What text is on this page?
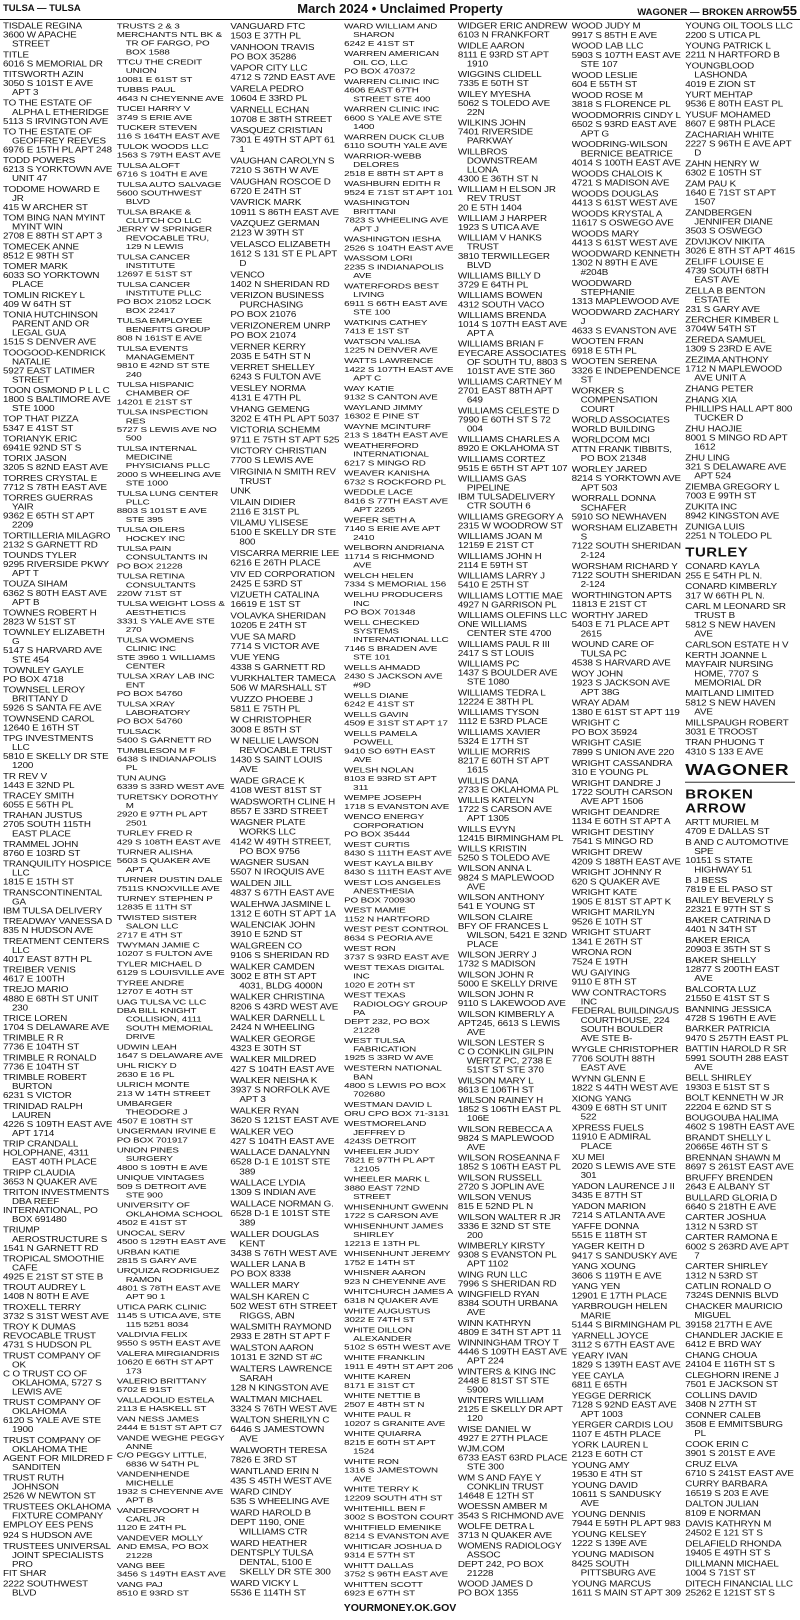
TULSA — TULSA	March 2024 • Unclaimed Property	WAGONER — BROKEN ARROW55
TISDALE REGINA
3600 W APACHE STREET
TITLE
6016 S MEMORIAL DR
TITSWORTH AZIN
3050 S 101ST E AVE APT 3
TO THE ESTATE OF ALPHA L ETHERIDGE
5113 S IRVINGTON AVE
TO THE ESTATE OF GEOFFREY REEVES
6976 E 15TH PL APT 248
TODD POWERS
6213 S YORKTOWN AVE UNIT 47
TODOME HOWARD E JR
415 W ARCHER ST
TOM BING NAN MYINT MYINT WIN
2708 E 88TH ST APT 3
TOMECEK ANNE
8512 E 98TH ST
TOMER MARK
6033 SO YORKTOWN PLACE
TOMLIN RICKEY L
409 W 64TH ST
TONIA HUTCHINSON PARENT AND OR LEGAL GUA
1515 S DENVER AVE
TOOGOOD-KENDRICK NATALIE
5927 EAST LATIMER STREET
TOON OSMOND P L L C
1800 S BALTIMORE AVE STE 1000
TOP THAT PIZZA
5347 E 41ST ST
TORIANYK ERIC
6941E 92ND ST S
TORIX JASON
3205 S 82ND EAST AVE
TORRES CRYSTAL E
7712 S 78TH EAST AVE
TORRES GUERRAS YAIR
9362 E 65TH ST APT 2209
TORTILLERIA MILAGRO
2132 S GARNETT RD
TOUNDS TYLER
9295 RIVERSIDE PKWY APT T
TOUZA SIHAM
6362 S 80TH EAST AVE APT B
TOWNES ROBERT H
2823 W 51ST ST
TOWNLEY ELIZABETH G
5147 S HARVARD AVE STE 454
TOWNLEY GAYLE
PO BOX 4718
TOWNSEL LEROY BRITTANY D
5926 S SANTA FE AVE
TOWNSEND CAROL
12640 E 16TH ST
TPG INVESTMENTS LLC
5810 E SKELLY DR STE 1200
TR REV V
1443 E 32ND PL
TRACEY SMITH
6055 E 56TH PL
TRAHAN JUSTUS
2705 SOUTH 115TH EAST PLACE
TRAMMEL JOHN
8760 E 103RD ST
TRANQUILITY HOSPICE LLC
1815 E 15TH ST
TRANSCONTINENTAL GA
IBM TULSA DELIVERY
TREADWAY VANESSA D
835 N HUDSON AVE
TREATMENT CENTERS LLC
4017 EAST 87TH PL
TREIBER VENIS
4617 E 100TH
TREJO MARIO
4880 E 68TH ST UNIT 230
TRICE LOREN
1704 S DELAWARE AVE
TRIMBLE R R
7736 E 104TH ST
TRIMBLE R RONALD
7736 E 104TH ST
TRIMBLE ROBERT BURTON
6231 S VICTOR
TRINIDAD RALPH LAUREN
4226 S 109TH EAST AVE APT 1714
TRIP CRANDALL
HOLOPHANE, 4311 EAST 40TH PLACE
TRIPP CLAUDIA
3653 N QUAKER AVE
TRITON INVESTMENTS DBA REEF
INTERNATIONAL, PO BOX 691480
TRIUMP AEROSTRUCTURE S
1541 N GARNETT RD
TROPICAL SMOOTHIE CAFE
4925 E 21ST ST STE B
TROUT AUDREY L
1408 N 80TH E AVE
TROXELL TERRY
3732 S 31ST WEST AVE
TROY K DUMAS
REVOCABLE TRUST
4731 S HUDSON PL
TRUST COMPANY OF OK
C O TRUST CO OF OKLAHOMA, 5727 S LEWIS AVE
TRUST COMPANY OF OKLAHOMA
6120 S YALE AVE STE 1900
TRUST COMPANY OF OKLAHOMA THE
AGENT FOR MILDRED F SANDITEN
TRUST RUTH JOHNSON
2526 W NEWTON ST
TRUSTEES OKLAHOMA FIXTURE COMPANY
EMPLOY EES PENS
924 S HUDSON AVE
TRUSTEES UNIVERSAL JOINT SPECIALISTS PRO
FIT SHAR
2222 SOUTHWEST BLVD
TRUSTS 2 & 3
MERCHANTS NTL BK & TR OF FARGO, PO BOX 1588
TTCU THE CREDIT UNION
10081 E 61ST ST
TUBBS PAUL
4643 N CHEYENNE AVE
TUCEI HARRY V
3749 S ERIE AVE
TUCKER STEVEN
116 S 164TH EAST AVE
TULOK WOODS LLC
1563 S 79TH EAST AVE
TULSA ALOFT
6716 S 104TH E AVE
TULSA AUTO SALVAGE
5600 SOUTHWEST BLVD
TULSA BRAKE & CLUTCH CO LLC
JERRY W SPRINGER REVOCABLE TRU, 129 N LEWIS
TULSA CANCER INSTITUTE
12697 E 51ST ST
TULSA CANCER INSTITUTE PLLC
PO BOX 21052 LOCK BOX 22417
TULSA EMPLOYEE BENEFITS GROUP
808 N 161ST E AVE
TULSA EVENTS MANAGEMENT
9810 E 42ND ST STE 240
TULSA HISPANIC CHAMBER OF
14201 E 21ST ST
TULSA INSPECTION RES
5727 S LEWIS AVE NO 500
TULSA INTERNAL MEDICINE PHYSICIANS PLLC
2000 S WHEELING AVE STE 1000
TULSA LUNG CENTER PLLC
8803 S 101ST E AVE STE 395
TULSA OILERS HOCKEY INC
TULSA PAIN CONSULTANTS IN
PO BOX 21228
TULSA RETINA CONSULTANTS
220W 71ST ST
TULSA WEIGHT LOSS & AESTHETICS
3331 S YALE AVE STE 270
TULSA WOMENS CLINIC INC
STE 3960 1 WILLIAMS CENTER
TULSA XRAY LAB INC ENT
PO BOX 54760
TULSA XRAY LABORATORY
PO BOX 54760
TULSACK
5400 S GARNETT RD
TUMBLESON M F
6438 S INDIANAPOLIS PL
TUN AUNG
6339 S 33RD WEST AVE
TURETSKY DOROTHY M
2920 E 97TH PL APT 2501
TURLEY FRED R
429 S 108TH EAST AVE
TURNER ALISHA
5603 S QUAKER AVE APT A
TURNER DUSTIN DALE
7511S KNOXVILLE AVE
TURNEY STEPHEN P
12835 E 11TH ST
TWISTED SISTER SALON LLC
2717 E 4TH ST
TWYMAN JAMIE C
10207 S FULTON AVE
TYLER MICHAEL D
6129 S LOUISVILLE AVE
TYREE ANDRE
12707 E 40TH ST
UAG TULSA VC LLC
DBA BILL KNIGHT COLLISION, 4111 SOUTH MEMORIAL DRIVE
UDWIN LEAH
1647 S DELAWARE AVE
UHL RICKY D
2630 E 16 PL
ULRICH MONTE
213 W 14TH STREET
UMBARGER THEODORE J
4507 E 108TH ST
UNGERMAN IRVINE E
PO BOX 701917
UNION PINES SURGERY
4800 S 109TH E AVE
UNIQUE VINTAGES
509 S DETROIT AVE STE 900
UNIVERSITY OF OKLAHOMA SCHOOL
4502 E 41ST ST
UNOCAL SERV
4500 S 129TH EAST AVE
URBAN KATIE
2815 S GARY AVE
URQUIZA RODRIGUEZ RAMON
4801 S 78TH EAST AVE APT 90 1
UTICA PARK CLINIC
1145 S UTICA AVE, STE 115 5251 8034
VALDIVIA FELIX
9550 S 95TH EAST AVE
VALERA MIRGIANDRIS
10620 E 66TH ST APT 173
VALERIO BRITTANY
6702 E 91ST
VALLADOLID ESTELA
2113 E HASKELL ST
VAN NESS JAMES
2444 E 51ST ST APT C7
VANDE WEGHE PEGGY ANNE
C/O PEGGY LITTLE, 6836 W 54TH PL
VANDENHENDE MICHELLE
1932 S CHEYENNE AVE APT B
VANDERVOORT H CARL JR
1120 E 24TH PL
VANDEVER MOLLY
AND EMSA, PO BOX 21228
VANG BEE
3456 S 149TH EAST AVE
VANG PAJ
8510 E 93RD ST
VANGUARD FTC
1503 E 37TH PL
VANHOON TRAVIS
PO BOX 35286
VAPOR CITY LLC
4712 S 72ND EAST AVE
VARELA PEDRO
10604 E 33RD PL
VARNELL ECHAN
10708 E 38TH STREET
VASQUEZ CRISTIAN
7301 E 49TH ST APT 61 1
VAUGHAN CAROLYN S
7210 S 36TH W AVE
VAUGHAN ROSCOE D
6720 E 24TH ST
VAVRICK MARK
10911 S 86TH EAST AVE
VAZQUEZ GERMAN
2123 W 39TH ST
VELASCO ELIZABETH
1612 S 131 ST E PL APT D
VENCO
1402 N SHERIDAN RD
VERIZON BUSINESS PURCHASING
PO BOX 21076
VERIZONEREM UNRP
PO BOX 21074
VERNER KERRY
2035 E 54TH ST N
VERRET SHELLEY
6243 S FULTON AVE
VESLEY NORMA
4131 E 47TH PL
VHANG GEMENG
3202 E 4TH PL APT 5037
VICTORIA SCHEMM
9711 E 75TH ST APT 525
VICTORY CHRISTIAN
7700 S LEWIS AVE
VIRGINIA N SMITH REV TRUST
UNK
VILAIN DIDIER
2116 E 31ST PL
VILAMU YLISESE
5100 E SKELLY DR STE 800
VISCARRA MERRIE LEE
6216 E 26TH PLACE
VIV ED CORPORATION
2425 E 53RD ST
VIZUETH CATALINA
16619 E 1ST ST
VOLAVKA SHERIDAN
10205 E 24TH ST
VUE SA MARD
7714 S VICTOR AVE
VUE YENG
4338 S GARNETT RD
VURKHALTER TAMECA
506 W MARSHALL ST
VUZZO PHOEBE J
5811 E 75TH PL
W CHRISTOPHER
3008 E 85TH ST
W NELLIE LAWSON REVOCABLE TRUST
1430 S SAINT LOUIS AVE
WADE GRACE K
4108 WEST 81ST ST
WADSWORTH CLINE H
8557 E 33RD STREET
WAGNER PLATE WORKS LLC
4142 W 49TH STREET, PO BOX 9756
WAGNER SUSAN
5507 N IROQUIS AVE
WALDEN JILL
4837 S 67TH EAST AVE
WALEHWA JASMINE L
1312 E 60TH ST APT 1A
WALENCIAK JOHN
3910 E 52ND ST
WALGREEN CO
9106 S SHERIDAN RD
WALKER CAMDEN
3002 E 8TH ST APT 4031, BLDG 4000N
WALKER CHRISTINA
8206 S 43RD WEST AVE
WALKER DARNELL L
2424 N WHEELING
WALKER GEORGE
4323 E 30TH ST
WALKER MILDRED
427 S 104TH EAST AVE
WALKER NEISHA K
3937 S NORFOLK AVE APT 3
WALKER RYAN
3620 S 121ST EAST AVE
WALKER VEO
427 S 104TH EAST AVE
WALLACE DANALYNN
6528 D-1 E 101ST STE 389
WALLACE LYDIA
1309 S INDIAN AVE
WALLACE NORMAN G.
6528 D-1 E 101ST STE 389
WALLER DOUGLAS KENT
3438 S 76TH WEST AVE
WALLER LANA B
PO BOX 8338
WALLER MARY
WALSH KAREN C
502 WEST 6TH STREET RIGGS, ABN
WALSMITH RAYMOND
2933 E 28TH ST APT F
WALSTON AARON
10131 E 32ND ST #C
WALTERS LAWRENCE SARAH
128 N KINGSTON AVE
WALTMAN MICHAEL
3324 S 76TH WEST AVE
WALTON SHERILYN C
6446 S JAMESTOWN AVE
WALWORTH TERESA
7826 E 3RD ST
WANTLAND ERIN N
435 S 45TH WEST AVE
WARD CINDY
535 S WHEELING AVE
WARD HAROLD B
DEPT 1190, ONE WILLIAMS CTR
WARD HEATHER
DENTSPLY TULSA DENTAL, 5100 E SKELLY DR STE 300
WARD VICKY L
5536 E 114TH ST
WARD WILLIAM AND SHARON
6242 E 41ST ST
WARREN AMERICAN OIL CO, LLC
PO BOX 470372
WARREN CLINIC INC
4606 EAST 67TH STREET STE 400
WARREN CLINIC INC
6600 S YALE AVE STE 1400
WARREN DUCK CLUB
6110 SOUTH YALE AVE
WARRIOR-WEBB DELORES
2518 E 88TH ST APT 8
WASHBURN EDITH R
9524 E 71ST ST APT 101
WASHINGTON BRITTANI
7823 S WHEELING AVE APT J
WASHINGTON IESHA
2526 S 104TH EAST AVE
WASSOM LORI
2235 S INDIANAPOLIS AVE
WATERFORDS BEST LIVING
6911 S 66TH EAST AVE STE 100
WATKINS CATHEY
7413 E 1ST ST
WATSON VALISA
1225 N DENVER AVE
WATTS LAWRENCE
1422 S 107TH EAST AVE APT C
WAY KATIE
9132 S CANTON AVE
WAYLAND JIMMY
16302 E PINE ST
WAYNE MCINTURF
213 S 184TH EAST AVE
WEATHERFORD INTERNATIONAL
6217 S MINGO RD
WEAVER KANISHA
6732 S ROCKFORD PL
WEDDLE LACE
8416 S 77TH EAST AVE APT 2265
WEFER SETH A
7140 S ERIE AVE APT 2410
WELBORN ANDRIANA
11714 S RICHMOND AVE
WELCH HELEN
7334 S MEMORIAL 156
WELHU PRODUCERS INC
PO BOX 701348
WELL CHECKED SYSTEMS INTERNATIONAL LLC
7146 S BRADEN AVE STE 101
WELLS AHMADD
2430 S JACKSON AVE #9D
WELLS DIANE
6242 E 41ST ST
WELLS GAVIN
4509 E 31ST ST APT 17
WELLS PAMELA POWELL
9410 SO 69TH EAST AVE
WELSH NOLAN
8103 E 93RD ST APT 311
WEMPE JOSEPH
1718 S EVANSTON AVE
WENCO ENERGY CORPORATION
PO BOX 35444
WEST CURTIS
8430 S 111TH EAST AVE
WEST KAYLA BILBY
8430 S 111TH EAST AVE
WEST LOS ANGELES ANESTHESIA
PO BOX 700930
WEST MAMIE
1152 N HARTFORD
WEST PEST CONTROL
8634 S PEORIA AVE
WEST RON
3737 S 93RD EAST AVE
WEST TEXAS DIGITAL INC
1020 E 20TH ST
WEST TEXAS RADIOLOGY GROUP PA
DEPT 232, PO BOX 21228
WEST TULSA FABRICATION
1925 S 33RD W AVE
WESTERN NATIONAL BAN
4800 S LEWIS PO BOX 702680
WESTMAN DAVID L
ORU CPO BOX 71-3131
WESTMORELAND JEFFREY D
4243S DETROIT
WHEELER JUDY
7821 E 97TH PL APT 12105
WHEELER MARK L
3880 EAST 72ND STREET
WHISENHUNT GWENN
1722 S CARSON AVE
WHISENHUNT JAMES SHIRLEY
12213 E 13TH PL
WHISENHUNT JEREMY
1752 E 14TH ST
WHISNER AARON
923 N CHEYENNE AVE
WHITCHURCH JAMES A
6318 N QUAKER AVE
WHITE AUGUSTUS
3022 E 74TH ST
WHITE DILLON ALEXANDER
5102 S 65TH WEST AVE
WHITE FRANKLIN
1911 E 49TH ST APT 206
WHITE KAREN
8171 E 31ST CT
WHITE NETTIE B
2507 E 48TH ST N
WHITE PAUL R
10207 S GRANITE AVE
WHITE QUIARRA
8215 E 60TH ST APT 1524
WHITE RON
1316 S JAMESTOWN AVE
WHITE TERRY K
12209 SOUTH 4TH ST
WHITEHILL BEN F
3002 S BOSTON COURT
WHITFIELD EMENIKE
8214 S EVANSTON AVE
WHITICAR JOSHUA D
9314 E 57TH ST
WHITT DALLAS
3752 S 96TH EAST AVE
WHITTEN SCOTT
6923 E 67TH ST
WIDGER ERIC ANDREW
6103 N FRANKFORT
WIDLE AARON
8111 E 93RD ST APT 1910
WIGGINS CLIDELL
7335 E 50TH ST
WILEY MYESHA
5062 S TOLEDO AVE 22N
WILKINS JOHN
7401 RIVERSIDE PARKWAY
WILLBROS DOWNSTREAM LLONA
4300 E 36TH ST N
WILLIAM H ELSON JR REV TRUST
20 E 5TH 1404
WILLIAM J HARPER
1923 S UTICA AVE
WILLIAM V HANKS TRUST
3810 TERWILLEGER BLVD
WILLIAMS BILLY D
3729 E 64TH PL
WILLIAMS BOWEN
4312 SOUTH VACO
WILLIAMS BRENDA
1014 S 107TH EAST AVE APT A
WILLIAMS BRIAN F
EYECARE ASSOCIATES OF SOUTH TU, 8803 S 101ST AVE STE 360
WILLIAMS CARTNEY M
2701 EAST 88TH APT 649
WILLIAMS CELESTE D
7990 E 60TH ST S 72 004
WILLIAMS CHARLES A
8920 E OKLAHOMA ST
WILLIAMS CORTEZ
9515 E 65TH ST APT 107
WILLIAMS GAS PIPELINE
IBM TULSADELIVERY CTR SOUTH 6
WILLIAMS GREGORY A
2315 W WOODROW ST
WILLIAMS JOAN M
12159 E 21ST CT
WILLIAMS JOHN H
2114 E 59TH ST
WILLIAMS LARRY J
5410 E 25TH ST
WILLIAMS LOTTIE MAE
4927 N GARRISON PL
WILLIAMS OLEFINS LLC
ONE WILLIAMS CENTER STE 4700
WILLIAMS PAUL R III
2417 S ST LOUIS
WILLIAMS PC
1437 S BOULDER AVE STE 1080
WILLIAMS TEDRA L
12224 E 38TH PL
WILLIAMS TYSON
1112 E 53RD PLACE
WILLIAMS XAVIER
5324 E 17TH ST
WILLIE MORRIS
8217 E 60TH ST APT 1615
WILLIS DANA
2733 E OKLAHOMA PL
WILLIS KATELYN
1722 S CARSON AVE APT 1305
WILLS EVYN
12415 BIRMINGHAM PL
WILLS KRISTIN
5250 S TOLEDO AVE
WILSON ANNA L
9824 S MAPLEWOOD AVE
WILSON ANTHONY
541 E YOUNG ST
WILSON CLAIRE
BFY OF FRANCES L WILSON, 5421 E 32ND PLACE
WILSON JERRY J
1732 S MADISON
WILSON JOHN R
5000 E SKELLY DRIVE
WILSON JOHN R
9110 S LAKEWOOD AVE
WILSON KIMBERLY A
APT245, 6613 S LEWIS AVE
WILSON LESTER S
C O CONKLIN GILPIN WERTZ PC, 2738 E 51ST ST STE 370
WILSON MARY L
8613 E 106TH ST
WILSON RAINEY H
1852 S 106TH EAST PL 106E
WILSON REBECCA A
9824 S MAPLEWOOD AVE
WILSON ROSEANNA F
1852 S 106TH EAST PL
WILSON RUSSELL
2720 S JOPLIN AVE
WILSON VENUS
815 E 52ND PL N
WILSON WALTER R JR
3336 E 32ND ST STE 200
WIMBERLY KIRSTY
9308 S EVANSTON PL APT 1102
WING RUN LLC
7996 S SHERIDAN RD
WINGFIELD RYAN
8384 SOUTH URBANA AVE
WINN KATHRYN
4809 E 34TH ST APT 11
WINNINGHAM TROY T
4446 S 109TH EAST AVE APT 224
WINTERS & KING INC
2448 E 81ST ST STE 5900
WINTERS WILLIAM
2125 E SKELLY DR APT 120
WISE DANIEL W
4927 E 27TH PLACE
WJM.COM
6733 EAST 63RD PLACE STE 300
WM S AND FAYE Y CONKLIN TRUST
14648 E 12TH ST
WOESSN AMBER M
3543 S RICHMOND AVE
WOLFE DETRA L
3713 N QUAKER AVE
WOMENS RADIOLOGY ASSOC
DEPT 242, PO BOX 21228
WOOD JAMES D
PO BOX 1355
WOOD JUDY M
9917 S 85TH E AVE
WOOD LAB LLC
5903 S 107TH EAST AVE STE 107
WOOD LESLIE
604 E 55TH ST
WOOD ROSE M
3818 S FLORENCE PL
WOODMORRIS CINDY L
6502 S 93RD EAST AVE APT G
WOODRING-WILSON BERNICE BEATRICE
4014 S 100TH EAST AVE
WOODS CHALOIS K
4721 S MADISON AVE
WOODS DOUGLAS
4413 S 61ST WEST AVE
WOODS KRYSTAL A
11617 S OSWEGO AVE
WOODS MARY
4413 S 61ST WEST AVE
WOODWARD KENNETH
1302 N 89TH E AVE #204B
WOODWARD STEPHANIE
1313 MAPLEWOOD AVE
WOODWARD ZACHARY J
4633 S EVANSTON AVE
WOOTEN FRAN
6918 E 5TH PL
WOOTEN SERENA
3326 E INDEPENDENCE ST
WORKER S COMPENSATION COURT
WORLD ASSOCIATES
WORLD BUILDING
WORLDCOM MCI
ATTN FRANK TIBBITS, PO BOX 21348
WORLEY JARED
8214 S YORKTOWN AVE APT 503
WORRALL DONNA SCHAFER
5910 SO NEWHAVEN
WORSHAM ELIZABETH S
7122 SOUTH SHERIDAN 2-124
WORSHAM RICHARD Y
7122 SOUTH SHERIDAN 2-124
WORTHINGTON APTS
11813 E 21ST CT
WORTHY JARED
5403 E 71 PLACE APT 2615
WOUND CARE OF TULSA PC
4538 S HARVARD AVE
WOY JOHN
1923 S JACKSON AVE APT 38G
WRAY ADAM
1380 E 61ST ST APT 119
WRIGHT C
PO BOX 35924
WRIGHT CASIE
7899 S UNION AVE 220
WRIGHT CASSANDRA
310 E YOUNG PL
WRIGHT DANDRE J
1722 SOUTH CARSON AVE APT 1506
WRIGHT DEANDRE
1134 E 60TH ST APT A
WRIGHT DESTINY
7541 S MINGO RD
WRIGHT DREW
4209 S 188TH EAST AVE
WRIGHT JOHNNY R
620 S QUAKER AVE
WRIGHT KATE
1905 E 81ST ST APT K
WRIGHT MARILYN
9526 E 10TH ST
WRIGHT STUART
1341 E 26TH ST
WRONA RON
7524 E 19TH
WU GAIYING
9110 E 8TH ST
WW CONTRACTORS INC
FEDERAL BUILDING/US COURTHOUSE, 224 SOUTH BOULDER AVE STE B-
WYGLE CHRISTOPHER
7706 SOUTH 88TH EAST AVE
WYNN GLENN E
1822 S 44TH WEST AVE
XIONG YANG
4309 E 68TH ST UNIT 522
XPRESS FUELS
11910 E ADMIRAL PLACE
XU MEI
2020 S LEWIS AVE STE 301
YADON LAURENCE J II
3435 E 87TH ST
YADON MARION
7214 S ATLANTA AVE
YAFFE DONNA
5515 E 118TH ST
YAGER KEITH D
9417 S SANDUSKY AVE
YANG XOUNG
3606 S 119TH E AVE
YANG YEN
12901 E 17TH PLACE
YARBROUGH HELEN MARIE
5144 S BIRMINGHAM PL
YARNELL JOYCE
3112 S 67TH EAST AVE
YEARY IVAN
1829 S 139TH EAST AVE
YEE CAYLA
6811 E 65TH
YEGGE DERRICK
7128 S 92ND EAST AVE APT 1003
YERGER CARDIS LOU
1107 E 45TH PLACE
YORK LAUREN L
2123 E 60TH CT
YOUNG AMY
19530 E 4TH ST
YOUNG DAVID
10611 S SANDUSKY AVE
YOUNG DENNIS
7944 E 59TH PL APT 983
YOUNG KELSEY
1222 S 139E AVE
YOUNG MADISON
8425 SOUTH PITTSBURG AVE
YOUNG MARCUS
1611 S MAIN ST APT 309
YOUNG OIL TOOLS LLC
2200 S UTICA PL
YOUNG PATRICK L
2211 N HARTFORD B
YOUNGBLOOD LASHONDA
4019 E ZION ST
YURT MEHTAP
9536 E 80TH EAST PL
YUSUF MOHAMED
8607 E 98TH PLACE
ZACHARIAH WHITE
2227 S 96TH E AVE APT D
ZAHN HENRY W
6302 E 105TH ST
ZAM PAU K
1640 E 71ST ST APT 1507
ZANDBERGEN JENNIFER DIANE
3503 S OSWEGO
ZDVIJKOV NIKITA
3026 E 8TH ST APT 4615
ZELIFF LOUISE E
4739 SOUTH 68TH EAST AVE
ZELLA B BENTON ESTATE
231 S GARY AVE
ZERCHER KIMBER L
3704W 54TH ST
ZEREDA SAMUEL
1309 S 23RD E AVE
ZEZIMA ANTHONY
1712 N MAPLEWOOD AVE UNIT A
ZHANG PETER
ZHANG XIA
PHILLIPS HALL APT 800 TUCKER D
ZHU HAOJIE
8001 S MINGO RD APT 1612
ZHU LING
321 S DELAWARE AVE APT 524
ZIEMBA GREGORY L
7003 E 99TH ST
ZUKITA INC
8942 KINGSTON AVE
ZUNIGA LUIS
2251 N TOLEDO PL
TURLEY
CONARD KAYLA
255 E 54TH PL N.
CONARD KIMBERLY
317 W 66TH PL N.
CARL M LEONARD SR TRUST B
5812 S NEW HAVEN AVE
CARLSON ESTATE H V
KERTH JOANNE L
MAYFAIR NURSING HOME, 7707 S MEMORIAL DR
MAITLAND LIMITED
5812 S NEW HAVEN AVE
MILLSPAUGH ROBERT
3031 E TROOST
TRAN PHUONG T
4310 S 133 E AVE
WAGONER
BROKEN ARROW
ARTT MURIEL M
4709 E DALLAS ST
B AND C AUTOMOTIVE SPE
10151 S STATE HIGHWAY 51
B J BESS
7819 E EL PASO ST
BAILEY BEVERLY S
22321 E 97TH ST S
BAKER CATRINA D
4401 N 34TH ST
BAKER ERICA
20903 E 35TH ST S
BAKER SHELLY
12877 S 200TH EAST AVE
BALCORTA LUZ
21550 E 41ST ST S
BANNING JESSICA
4728 S 196TH E AVE
BARKER PATRICIA
9470 S 257TH EAST PL
BATTIN HAROLD R SR
5991 SOUTH 288 EAST AVE
BELL SHIRLEY
19303 E 51ST ST S
BOLT KENNETH W JR
22204 E 62ND ST S
BOUGOUBA HALIMA
4602 S 198TH EAST AVE
BRANDT SHELLY L
20665E 46TH ST S
BRENNAN SHAWN M
8697 S 261ST EAST AVE
BRUFFY BRENDEN
2643 E ALBANY ST
BULLARD GLORIA D
6640 S 218TH E AVE
CARTER JOSHUA
1312 N 53RD ST
CARTER RAMONA E
6002 S 263RD AVE APT 7
CARTER SHIRLEY
1312 N 53RD ST
CATLIN RONALD O
7324S DENNIS BLVD
CHACKER MAURICIO MIGUEL
39158 217TH E AVE
CHANDLER JACKIE E
6412 E BRD WAY
CHANG CHOUA
24104 E 116TH ST S
CLEGHORN IRENE J
7501 E JACKSON ST
COLLINS DAVID
3408 N 27TH ST
CONNER CALEB
3508 E EMMITSBURG PL
COOK ERIN C
3901 S 201ST E AVE
CRUZ ELVA
6710 S 241ST EAST AVE
CURRY BARBARA
16519 S 203 E AVE
DALTON JULIAN
8109 E NORMAN
DAVIS KATHRYN M
24502 E 121 ST S
DELAFIELD RHONDA
19405 E 49TH ST S
DILLMANN MICHAEL
1004 S 71ST ST
DITECH FINANCIAL LLC
25262 E 121ST ST S
YOURMONEY.OK.GOV
